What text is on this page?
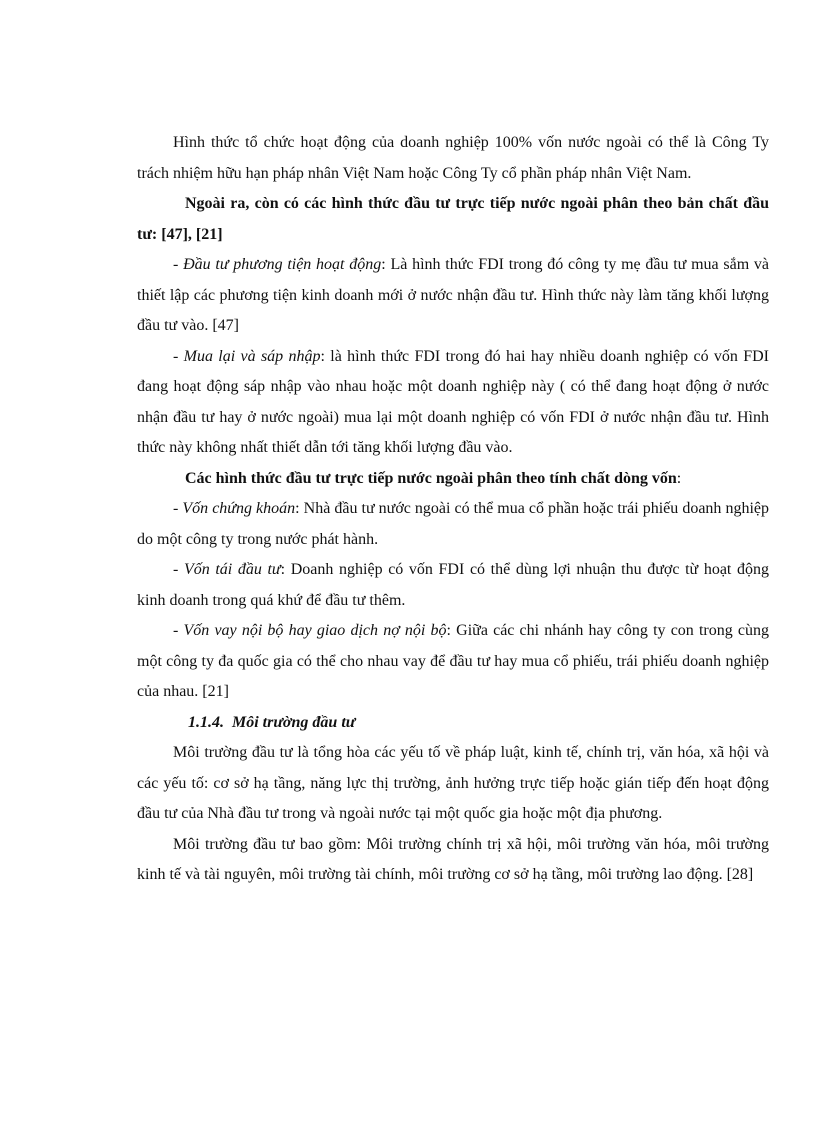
Hình thức tổ chức hoạt động của doanh nghiệp 100% vốn nước ngoài có thể là Công Ty trách nhiệm hữu hạn pháp nhân Việt Nam hoặc Công Ty cổ phần pháp nhân Việt Nam.

Ngoài ra, còn có các hình thức đầu tư trực tiếp nước ngoài phân theo bản chất đầu tư: [47], [21]

- Đầu tư phương tiện hoạt động: Là hình thức FDI trong đó công ty mẹ đầu tư mua sắm và thiết lập các phương tiện kinh doanh mới ở nước nhận đầu tư. Hình thức này làm tăng khối lượng đầu tư vào. [47]

- Mua lại và sáp nhập: là hình thức FDI trong đó hai hay nhiều doanh nghiệp có vốn FDI đang hoạt động sáp nhập vào nhau hoặc một doanh nghiệp này ( có thể đang hoạt động ở nước nhận đầu tư hay ở nước ngoài) mua lại một doanh nghiệp có vốn FDI ở nước nhận đầu tư. Hình thức này không nhất thiết dẫn tới tăng khối lượng đầu vào.

Các hình thức đầu tư trực tiếp nước ngoài phân theo tính chất dòng vốn:

- Vốn chứng khoán: Nhà đầu tư nước ngoài có thể mua cổ phần hoặc trái phiếu doanh nghiệp do một công ty trong nước phát hành.

- Vốn tái đầu tư: Doanh nghiệp có vốn FDI có thể dùng lợi nhuận thu được từ hoạt động kinh doanh trong quá khứ để đầu tư thêm.

- Vốn vay nội bộ hay giao dịch nợ nội bộ: Giữa các chi nhánh hay công ty con trong cùng một công ty đa quốc gia có thể cho nhau vay để đầu tư hay mua cổ phiếu, trái phiếu doanh nghiệp của nhau. [21]

1.1.4. Môi trường đầu tư

Môi trường đầu tư là tổng hòa các yếu tố về pháp luật, kinh tế, chính trị, văn hóa, xã hội và các yếu tố: cơ sở hạ tầng, năng lực thị trường, ảnh hưởng trực tiếp hoặc gián tiếp đến hoạt động đầu tư của Nhà đầu tư trong và ngoài nước tại một quốc gia hoặc một địa phương.

Môi trường đầu tư bao gồm: Môi trường chính trị xã hội, môi trường văn hóa, môi trường kinh tế và tài nguyên, môi trường tài chính, môi trường cơ sở hạ tầng, môi trường lao động. [28]
